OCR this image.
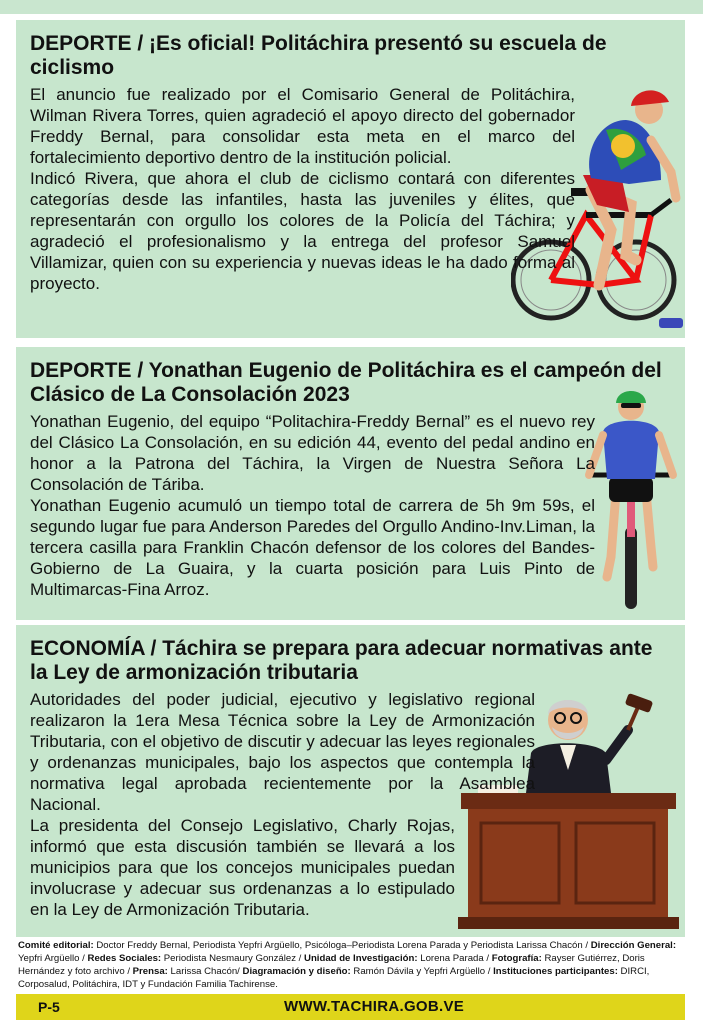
DEPORTE / ¡Es oficial! Politáchira presentó su escuela de ciclismo

El anuncio fue realizado por el Comisario General de Politáchira, Wilman Rivera Torres, quien agradeció el apoyo directo del gobernador Freddy Bernal, para consolidar esta meta en el marco del fortalecimiento deportivo dentro de la institución policial.

Indicó Rivera, que ahora el club de ciclismo contará con diferentes categorías desde las infantiles, hasta las juveniles y élites, que representarán con orgullo los colores de la Policía del Táchira; y agradeció el profesionalismo y la entrega del profesor Samuel Villamizar, quien con su experiencia y nuevas ideas le ha dado forma al proyecto.

DEPORTE / Yonathan Eugenio de Politáchira es el campeón del Clásico de La Consolación 2023

Yonathan Eugenio, del equipo “Politachira-Freddy Bernal” es el nuevo rey del Clásico La Consolación, en su edición 44, evento del pedal andino en honor a la Patrona del Táchira, la Virgen de Nuestra Señora La Consolación de Táriba.

Yonathan Eugenio acumuló un tiempo total de carrera de 5h 9m 59s, el segundo lugar fue para Anderson Paredes del Orgullo Andino-Inv.Liman, la tercera casilla para Franklin Chacón defensor de los colores del Bandes-Gobierno de La Guaira, y la cuarta posición para Luis Pinto de Multimarcas-Fina Arroz.

ECONOMÍA / Táchira se prepara para adecuar normativas ante la Ley de armonización tributaria

Autoridades del poder judicial, ejecutivo y legislativo regional realizaron la 1era Mesa Técnica sobre la Ley de Armonización Tributaria, con el objetivo de discutir y adecuar las leyes regionales y ordenanzas municipales, bajo los aspectos que contempla la normativa legal aprobada recientemente por la Asamblea Nacional.

La presidenta del Consejo Legislativo, Charly Rojas, informó que esta discusión también se llevará a los municipios para que los concejos municipales puedan involucrase y adecuar sus ordenanzas a lo estipulado en la Ley de Armonización Tributaria.

Comité editorial: Doctor Freddy Bernal, Periodista Yepfri Argüello, Psicóloga–Periodista Lorena Parada y Periodista Larissa Chacón / Dirección General: Yepfri Argüello / Redes Sociales: Periodista Nesmaury González / Unidad de Investigación: Lorena Parada / Fotografía: Rayser Gutiérrez, Doris Hernández y foto archivo / Prensa: Larissa Chacón/ Diagramación y diseño: Ramón Dávila y Yepfri Argüello / Instituciones participantes: DIRCI, Corposalud, Politáchira, IDT y Fundación Familia Tachirense.
P-5	WWW.TACHIRA.GOB.VE
